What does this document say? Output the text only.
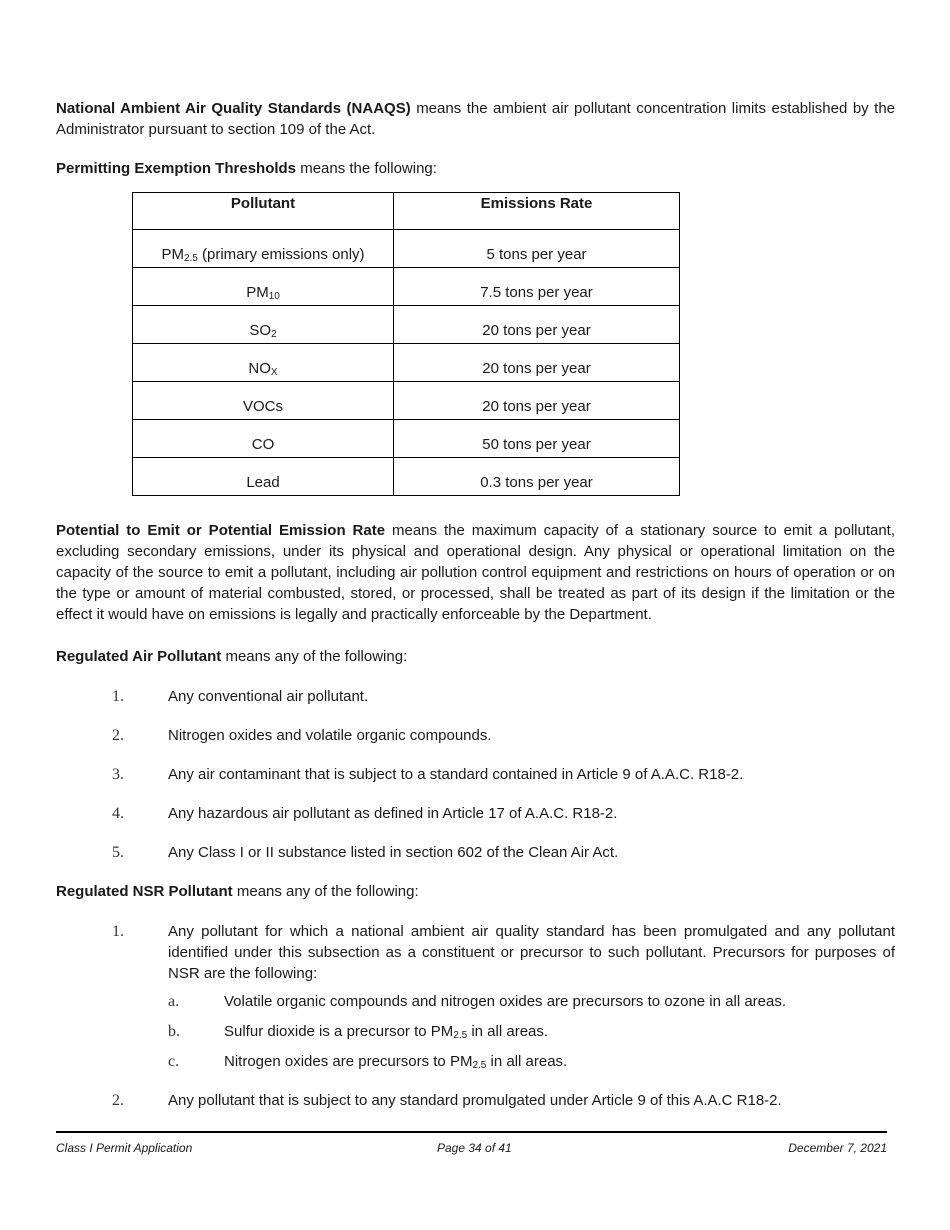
National Ambient Air Quality Standards (NAAQS) means the ambient air pollutant concentration limits established by the Administrator pursuant to section 109 of the Act.

Permitting Exemption Thresholds means the following:

Pollutant	Emissions Rate
$PM_{2.5}$ (primary emissions only)	5 tons per year
$PM_{10}$	7.5 tons per year
$SO_2$	20 tons per year
$NO_X$	20 tons per year
VOCs	20 tons per year
CO	50 tons per year
Lead	0.3 tons per year

Potential to Emit or Potential Emission Rate means the maximum capacity of a stationary source to emit a pollutant, excluding secondary emissions, under its physical and operational design. Any physical or operational limitation on the capacity of the source to emit a pollutant, including air pollution control equipment and restrictions on hours of operation or on the type or amount of material combusted, stored, or processed, shall be treated as part of its design if the limitation or the effect it would have on emissions is legally and practically enforceable by the Department.

Regulated Air Pollutant means any of the following:

1.	Any conventional air pollutant.
2.	Nitrogen oxides and volatile organic compounds.
3.	Any air contaminant that is subject to a standard contained in Article 9 of A.A.C. R18-2.
4.	Any hazardous air pollutant as defined in Article 17 of A.A.C. R18-2.
5.	Any Class I or II substance listed in section 602 of the Clean Air Act.

Regulated NSR Pollutant means any of the following:

1.	Any pollutant for which a national ambient air quality standard has been promulgated and any pollutant identified under this subsection as a constituent or precursor to such pollutant. Precursors for purposes of NSR are the following:

a.	Volatile organic compounds and nitrogen oxides are precursors to ozone in all areas.
b.	Sulfur dioxide is a precursor to $PM_{2.5}$ in all areas.
c.	Nitrogen oxides are precursors to $PM_{2.5}$ in all areas.
2.	Any pollutant that is subject to any standard promulgated under Article 9 of this A.A.C R18-2.
Class I Permit Application	Page 34 of 41	December 7, 2021
